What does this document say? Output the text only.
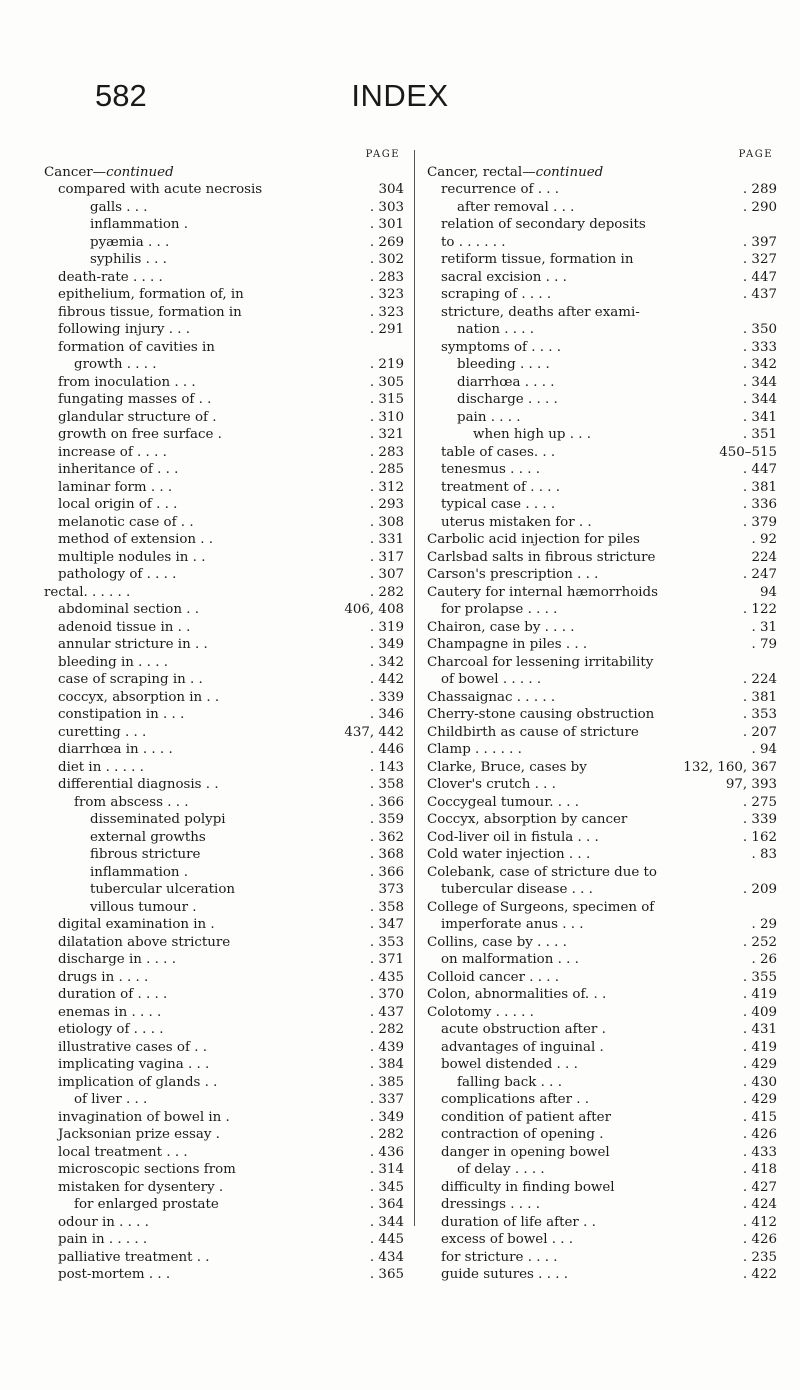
582	INDEX
PAGE
Cancer—continued
compared with acute necrosis	304
galls . . .	. 303
inflammation .	. 301
pyæmia . . .	. 269
syphilis . . .	. 302
death-rate . . . .	. 283
epithelium, formation of, in	. 323
fibrous tissue, formation in	. 323
following injury . . .	. 291
formation of cavities in
growth . . . .	. 219
from inoculation . . .	. 305
fungating masses of . .	. 315
glandular structure of .	. 310
growth on free surface .	. 321
increase of . . . .	. 283
inheritance of . . .	. 285
laminar form . . .	. 312
local origin of . . .	. 293
melanotic case of . .	. 308
method of extension . .	. 331
multiple nodules in . .	. 317
pathology of . . . .	. 307
rectal. . . . . .	. 282
abdominal section . .	406, 408
adenoid tissue in . .	. 319
annular stricture in . .	. 349
bleeding in . . . .	. 342
case of scraping in . .	. 442
coccyx, absorption in . .	. 339
constipation in . . .	. 346
curetting . . .	437, 442
diarrhœa in . . . .	. 446
diet in . . . . .	. 143
differential diagnosis . .	. 358
from abscess . . .	. 366
disseminated polypi	. 359
external growths	. 362
fibrous stricture	. 368
inflammation .	. 366
tubercular ulceration	373
villous tumour .	. 358
digital examination in .	. 347
dilatation above stricture	. 353
discharge in . . . .	. 371
drugs in . . . .	. 435
duration of . . . .	. 370
enemas in . . . .	. 437
etiology of . . . .	. 282
illustrative cases of . .	. 439
implicating vagina . . .	. 384
implication of glands . .	. 385
of liver . . .	. 337
invagination of bowel in .	. 349
Jacksonian prize essay .	. 282
local treatment . . .	. 436
microscopic sections from	. 314
mistaken for dysentery .	. 345
for enlarged prostate	. 364
odour in . . . .	. 344
pain in . . . . .	. 445
palliative treatment . .	. 434
post-mortem . . .	. 365
PAGE
Cancer, rectal—continued
recurrence of . . .	. 289
after removal . . .	. 290
relation of secondary deposits
to . . . . . .	. 397
retiform tissue, formation in	. 327
sacral excision . . .	. 447
scraping of . . . .	. 437
stricture, deaths after exami-
nation . . . .	. 350
symptoms of . . . .	. 333
bleeding . . . .	. 342
diarrhœa . . . .	. 344
discharge . . . .	. 344
pain . . . .	. 341
when high up . . .	. 351
table of cases. . .	450–515
tenesmus . . . .	. 447
treatment of . . . .	. 381
typical case . . . .	. 336
uterus mistaken for . .	. 379
Carbolic acid injection for piles	. 92
Carlsbad salts in fibrous stricture	224
Carson's prescription . . .	. 247
Cautery for internal hæmorrhoids	94
for prolapse . . . .	. 122
Chairon, case by . . . .	. 31
Champagne in piles . . .	. 79
Charcoal for lessening irritability
of bowel . . . . .	. 224
Chassaignac . . . . .	. 381
Cherry-stone causing obstruction	. 353
Childbirth as cause of stricture	. 207
Clamp . . . . . .	. 94
Clarke, Bruce, cases by	132, 160, 367
Clover's crutch . . .	97, 393
Coccygeal tumour. . . .	. 275
Coccyx, absorption by cancer	. 339
Cod-liver oil in fistula . . .	. 162
Cold water injection . . .	. 83
Colebank, case of stricture due to
tubercular disease . . .	. 209
College of Surgeons, specimen of
imperforate anus . . .	. 29
Collins, case by . . . .	. 252
on malformation . . .	. 26
Colloid cancer . . . .	. 355
Colon, abnormalities of. . .	. 419
Colotomy . . . . .	. 409
acute obstruction after .	. 431
advantages of inguinal .	. 419
bowel distended . . .	. 429
falling back . . .	. 430
complications after . .	. 429
condition of patient after	. 415
contraction of opening .	. 426
danger in opening bowel	. 433
of delay . . . .	. 418
difficulty in finding bowel	. 427
dressings . . . .	. 424
duration of life after . .	. 412
excess of bowel . . .	. 426
for stricture . . . .	. 235
guide sutures . . . .	. 422
